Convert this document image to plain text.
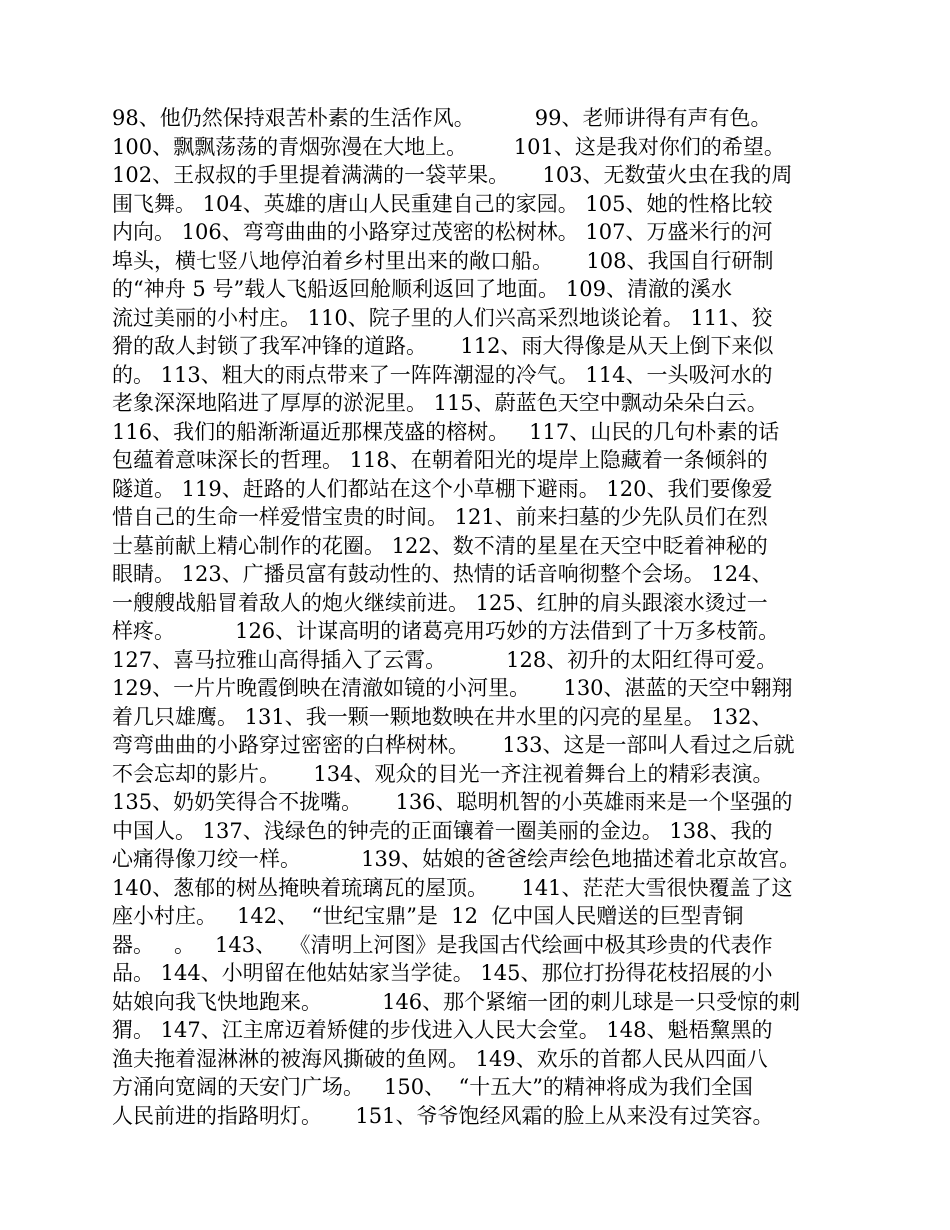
98、他仍然保持艰苦朴素的生活作风。         99、老师讲得有声有色。
100、飘飘荡荡的青烟弥漫在大地上。       101、这是我对你们的希望。
102、王叔叔的手里提着满满的一袋苹果。     103、无数萤火虫在我的周
围飞舞。 104、英雄的唐山人民重建自己的家园。 105、她的性格比较
内向。 106、弯弯曲曲的小路穿过茂密的松树林。 107、万盛米行的河
埠头，横七竖八地停泊着乡村里出来的敞口船。     108、我国自行研制
的“神舟 5 号”载人飞船返回舱顺利返回了地面。 109、清澈的溪水
流过美丽的小村庄。 110、院子里的人们兴高采烈地谈论着。 111、狡
猾的敌人封锁了我军冲锋的道路。     112、雨大得像是从天上倒下来似
的。 113、粗大的雨点带来了一阵阵潮湿的冷气。 114、一头吸河水的
老象深深地陷进了厚厚的淤泥里。 115、蔚蓝色天空中飘动朵朵白云。
116、我们的船渐渐逼近那棵茂盛的榕树。   117、山民的几句朴素的话
包蕴着意味深长的哲理。 118、在朝着阳光的堤岸上隐藏着一条倾斜的
隧道。 119、赶路的人们都站在这个小草棚下避雨。 120、我们要像爱
惜自己的生命一样爱惜宝贵的时间。 121、前来扫墓的少先队员们在烈
士墓前献上精心制作的花圈。 122、数不清的星星在天空中眨着神秘的
眼睛。 123、广播员富有鼓动性的、热情的话音响彻整个会场。 124、
一艘艘战船冒着敌人的炮火继续前进。 125、红肿的肩头跟滚水烫过一
样疼。         126、计谋高明的诸葛亮用巧妙的方法借到了十万多枝箭。
127、喜马拉雅山高得插入了云霄。         128、初升的太阳红得可爱。
129、一片片晚霞倒映在清澈如镜的小河里。     130、湛蓝的天空中翱翔
着几只雄鹰。 131、我一颗一颗地数映在井水里的闪亮的星星。 132、
弯弯曲曲的小路穿过密密的白桦树林。     133、这是一部叫人看过之后就
不会忘却的影片。     134、观众的目光一齐注视着舞台上的精彩表演。
135、奶奶笑得合不拢嘴。     136、聪明机智的小英雄雨来是一个坚强的
中国人。 137、浅绿色的钟壳的正面镶着一圈美丽的金边。 138、我的
心痛得像刀绞一样。         139、姑娘的爸爸绘声绘色地描述着北京故宫。
140、葱郁的树丛掩映着琉璃瓦的屋顶。     141、茫茫大雪很快覆盖了这
座小村庄。   142、  “世纪宝鼎”是  12  亿中国人民赠送的巨型青铜
器。   。   143、  《清明上河图》是我国古代绘画中极其珍贵的代表作
品。 144、小明留在他姑姑家当学徒。 145、那位打扮得花枝招展的小
姑娘向我飞快地跑来。         146、那个紧缩一团的刺儿球是一只受惊的刺
猬。 147、江主席迈着矫健的步伐进入人民大会堂。 148、魁梧黧黑的
渔夫拖着湿淋淋的被海风撕破的鱼网。 149、欢乐的首都人民从四面八
方涌向宽阔的天安门广场。   150、  “十五大”的精神将成为我们全国
人民前进的指路明灯。     151、爷爷饱经风霜的脸上从来没有过笑容。
